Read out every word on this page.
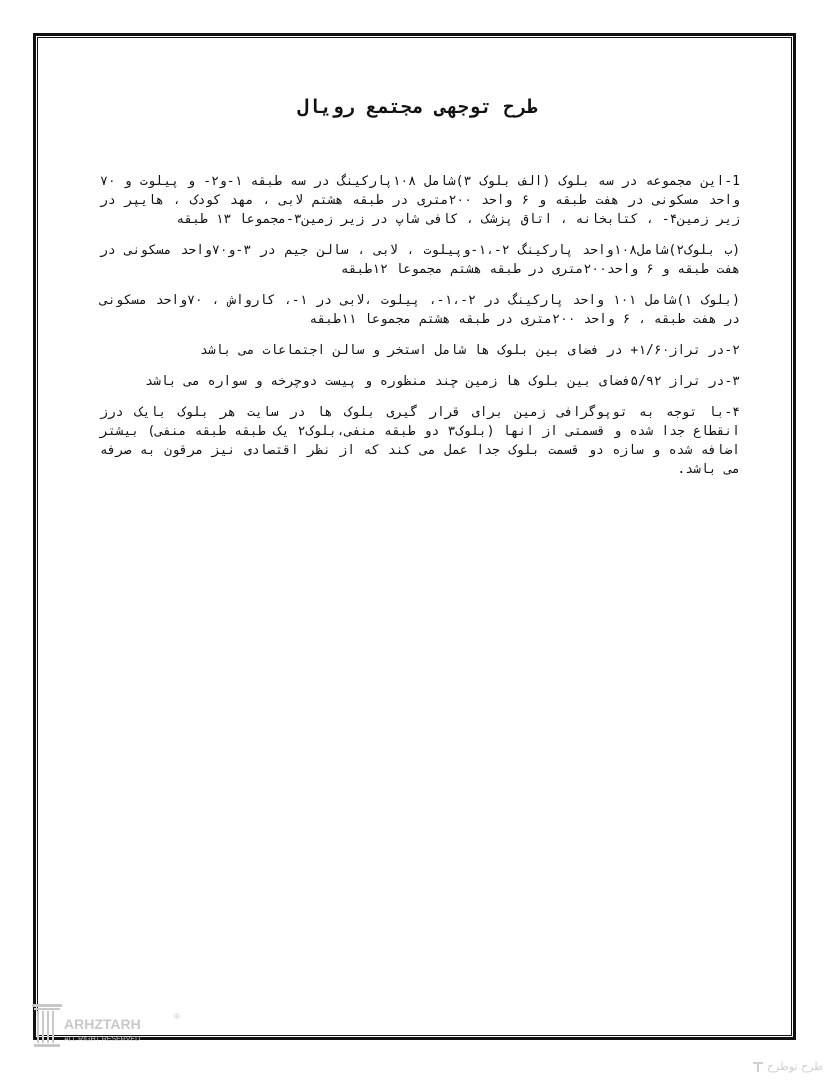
طرح توجهی مجتمع رویال

1-این مجموعه در سه بلوک (الف بلوک ۳)شامل ۱۰۸پارکینگ در سه طبقه ۱-و۲- و پیلوت و ۷۰ واحد مسکونی در هفت طبقه و ۶ واحد ۲۰۰متری در طبقه هشتم لابی ، مهد کودک ، هایپر در زیر زمین۴- ، کتابخانه ، اتاق پزشک ، کافی شاپ در زیر زمین۳-مجموعا ۱۳ طبقه

(ب بلوک۲)شامل۱۰۸واحد پارکینگ ۲-،۱-وپیلوت ، لابی ، سالن جیم در ۳-و۷۰واحد مسکونی در هفت طبقه و ۶ واحد۲۰۰متری در طبقه هشتم مجموعا ۱۲طبقه

(بلوک ۱)شامل ۱۰۱ واحد پارکینگ در ۲-،۱-، پیلوت ،لابی در ۱-، کارواش ، ۷۰واحد مسکونی در هفت طبقه ، ۶ واحد ۲۰۰متری در طبقه هشتم مجموعا ۱۱طبقه

۲-در تراز۱/۶۰+ در فضای بین بلوک ها شامل استخر و سالن اجتماعات می باشد

۳-در تراز ۵/۹۲فضای بین بلوک ها زمین چند منظوره و پیست دوچرخه و سواره می باشد

۴-با توجه به توپوگرافی زمین برای قرار گیری بلوک ها در سایت هر بلوک بایک درز انقطاع جدا شده و قسمتی از انها (بلوک۳ دو طبقه منفی،بلوک۲ یک طبقه طبقه منفی) بیشتر اضافه شده و سازه دو قسمت بلوک جدا عمل می کند که از نظر اقتصادی نیز مرقون به صرفه می باشد.

ARHZTARH	®
ALL RIGHT RESERVED
طرح توطرح
